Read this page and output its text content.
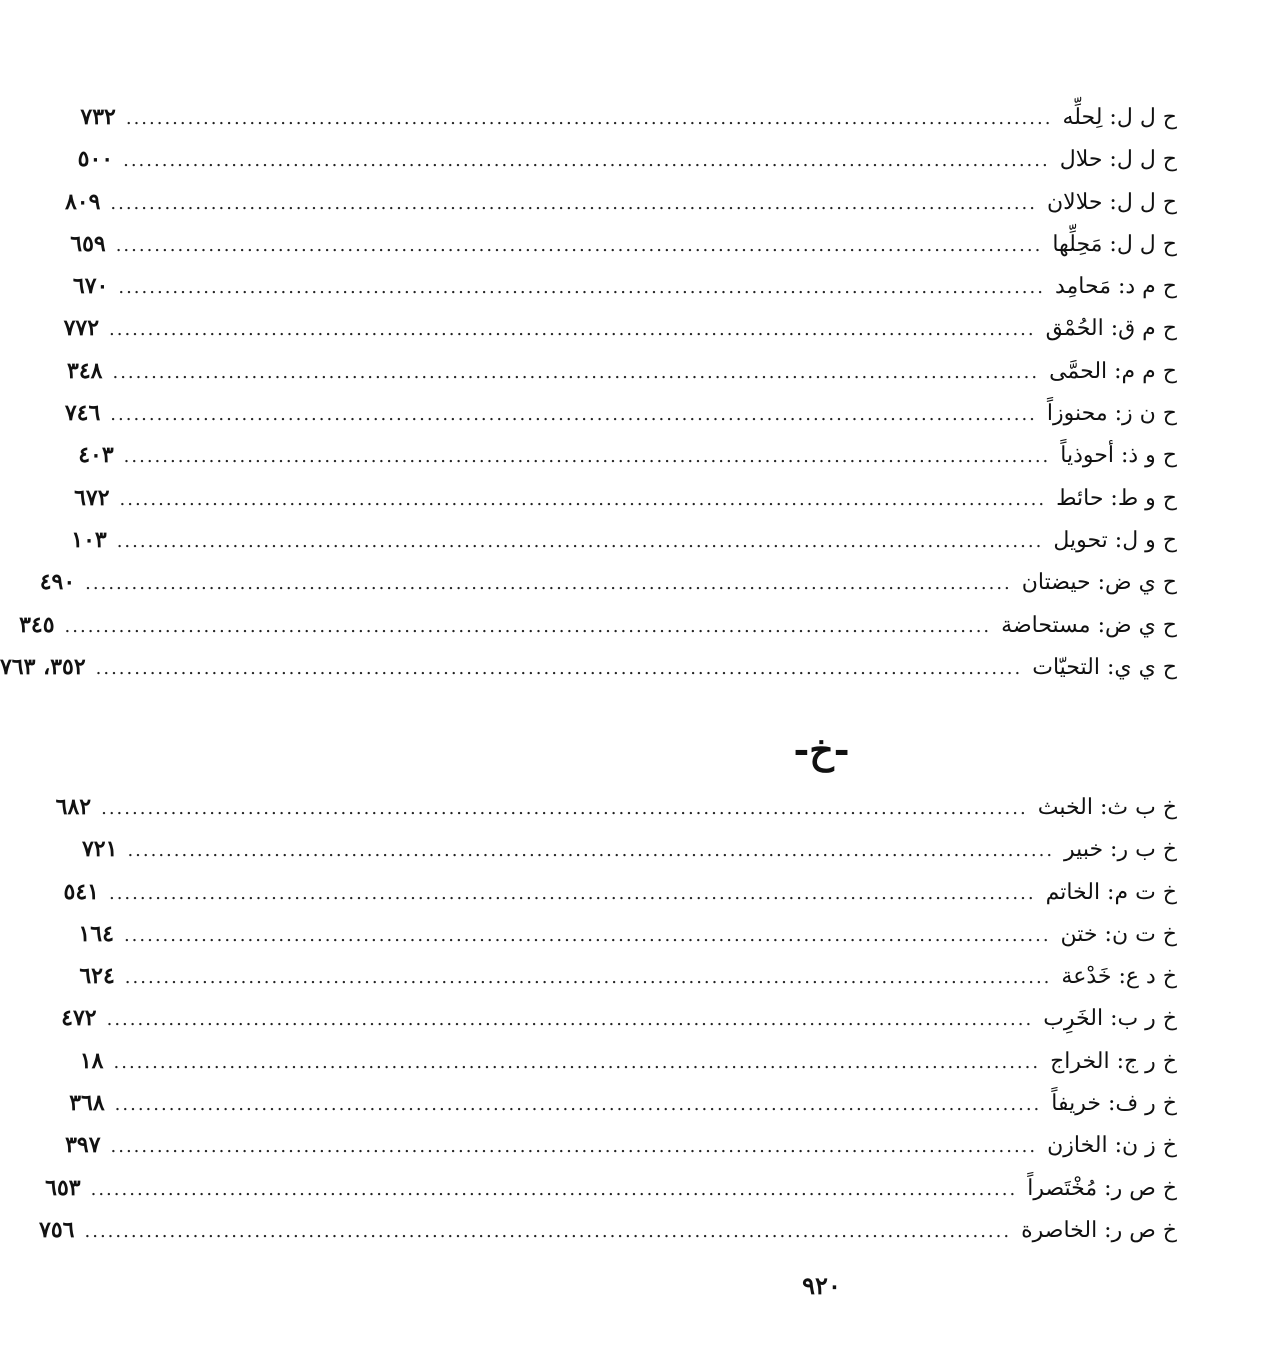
ح ل ل: لِحلِّه
........................................................................................................................
٧٣٢
ح ل ل: حلال
........................................................................................................................
٥٠٠
ح ل ل: حلالان
........................................................................................................................
٨٠٩
ح ل ل: مَحِلِّها
........................................................................................................................
٦٥٩
ح م د: مَحامِد
........................................................................................................................
٦٧٠
ح م ق: الحُمْق
........................................................................................................................
٧٧٢
ح م م: الحمَّى
........................................................................................................................
٣٤٨
ح ن ز: محنوزاً
........................................................................................................................
٧٤٦
ح و ذ: أحوذياً
........................................................................................................................
٤٠٣
ح و ط: حائط
........................................................................................................................
٦٧٢
ح و ل: تحويل
........................................................................................................................
١٠٣
ح ي ض: حيضتان
........................................................................................................................
٤٩٠
ح ي ض: مستحاضة
........................................................................................................................
٣٤٥
ح ي ي: التحيّات
........................................................................................................................
٣٥٢، ٧٦٣
-خ-
خ ب ث: الخبث
........................................................................................................................
٦٨٢
خ ب ر: خبير
........................................................................................................................
٧٢١
خ ت م: الخاتم
........................................................................................................................
٥٤١
خ ت ن: ختن
........................................................................................................................
١٦٤
خ د ع: خَدْعة
........................................................................................................................
٦٢٤
خ ر ب: الخَرِب
........................................................................................................................
٤٧٢
خ ر ج: الخراج
........................................................................................................................
١٨
خ ر ف: خريفاً
........................................................................................................................
٣٦٨
خ ز ن: الخازن
........................................................................................................................
٣٩٧
خ ص ر: مُخْتَصراً
........................................................................................................................
٦٥٣
خ ص ر: الخاصرة
........................................................................................................................
٧٥٦
٩٢٠
